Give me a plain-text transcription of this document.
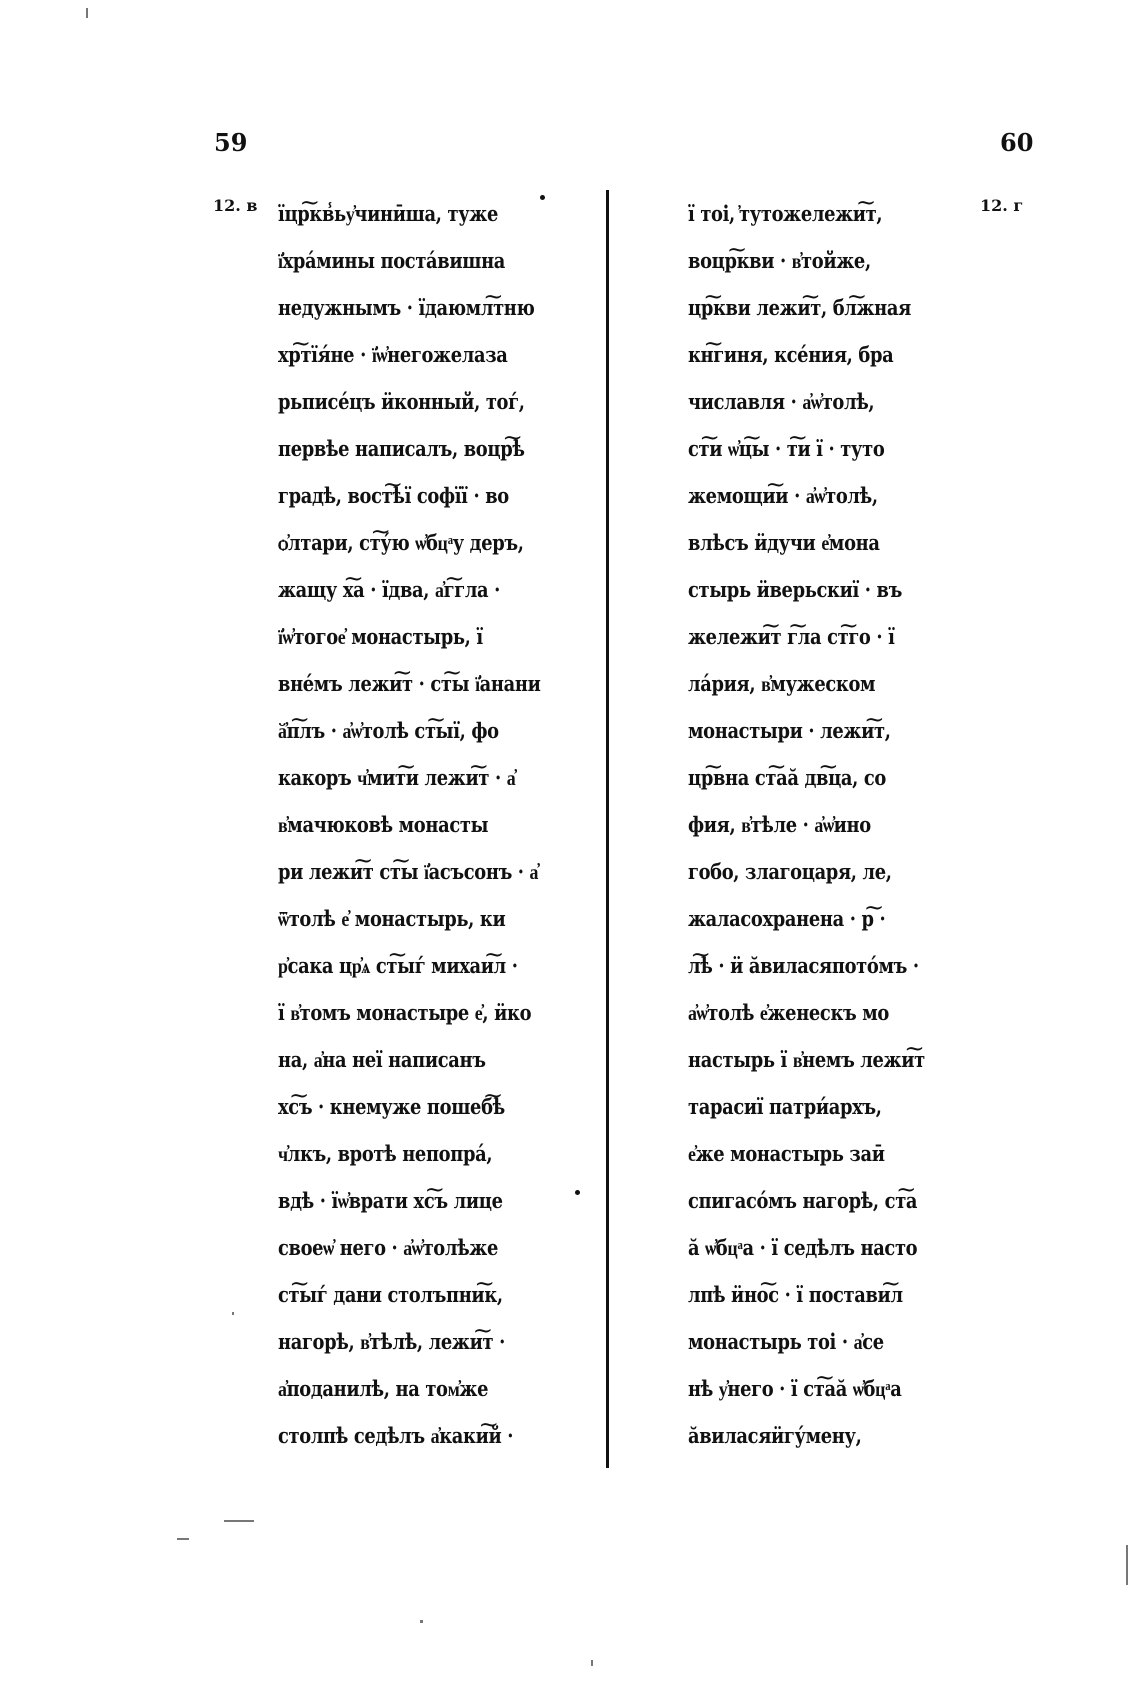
59	60
12. в	12. г
їцр͠кв̾ьу҆чинӣша, туже
ї҆хра́мины поста́вишна
недужнымъ · їдаюмл͠тню
хр͠тїя́не · ї҆ѡ҆негожелаза
рьписе́цъ ӥконный, тоѓ,
первѣе написалъ, воцр͠ѣ
градѣ, вост͠ѣї софїї · во
ѻ҆лтари, ст͠у́ю ѡ҆бцͣу деръ,
жащу х͠а · їдва, а҆г͠гла ·
ї҆ѡ҆тогое҆ монастырь, ї
вне́мъ лежи͠т · ст͠ы ї҆анани
ӑ҆п͠лъ · а҆ѡ҆толѣ ст͠ыї, фо
какоръ ч҆мит͠и лежи͠т · а҆
в҆мачюковѣ монасты
ри лежи͠т ст͠ы ї҆асъсонъ · а҆
ѿтолѣ е҆ монастырь, ки
р҆сака цр҆ѧ ст͠ыѓ михаи͠л ·
ї в҆томъ монастыре е҆, ӥко
на, а҆на неї написанъ
хс͠ъ · кнемуже пошеб͠ѣ
ч҆лкъ, вротѣ непопра́,
вдѣ · їѡ҆врати хс͠ъ лице
своеѡ҆ него · а҆ѡ҆толѣже
ст͠ыѓ дани столъпни͠к,
нагорѣ, в҆тѣлѣ, лежи͠т ·
а҆поданилѣ, на том҆же
столпѣ седѣлъ а҆каки͠й ·
ї тоі, ҆тутожележи͠т,
воцр͠кви · в҆тойже,
цр͠кви лежи͠т, бл͠жная
кн͠гиня, ксе́ния, бра
числавля · а҆ѡ҆толѣ,
ст͠и ѡ҆ц͠ы · т͠и ї · туто
жемощи͠и · а҆ѡ҆толѣ,
влѣсъ ӥдучи е҆мона
стырь ӥверьскиї · въ
жележи͠т г͠ла ст͠го · ї
ла́рия, в҆мужеском
монастыри · лежи͠т,
цр͠вна ст͠аӑ дв͠ца, со
фия, в҆тѣле · а҆ѡ҆ино
гобо, злагоцаря, ле,
жаласохранена · р͠ ·
л͠ѣ · ӥ ӑвиласяпото́мъ ·
а҆ѡ҆толѣ е҆женескъ мо
настырь ї в҆немъ лежи͠т
тарасиї патри́архъ,
е҆же монастырь заӣ
спигасо́мъ нагорѣ, ст͠а
ӑ ѡ҆бцͣа · ї седѣлъ насто
лпѣ ӥно͠с · ї постави͠л
монастырь тоі · а҆се
нѣ у҆него · ї ст͠аӑ ѡ҆бцͣа
ӑвиласяӥгу́мену,
